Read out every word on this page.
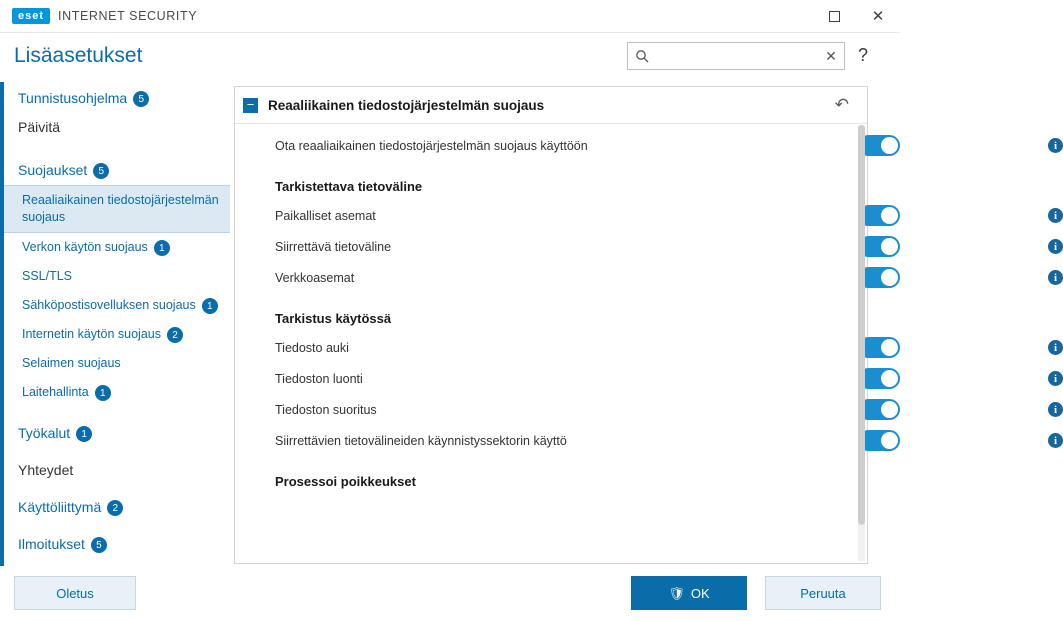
eset	INTERNET SECURITY	✕
Lisäasetukset	✕ ?
Tunnistusohjelma	5
Päivitä
Suojaukset	5
Reaaliaikainen tiedostojärjestelmän suojaus
Verkon käytön suojaus	1
SSL/TLS
Sähköpostisovelluksen suojaus	1
Internetin käytön suojaus	2
Selaimen suojaus
Laitehallinta	1
Työkalut	1
Yhteydet
Käyttöliittymä	2
Ilmoitukset	5
− Reaaliikainen tiedostojärjestelmän suojaus	↶
Ota reaaliaikainen tiedostojärjestelmän suojaus käyttöön	i
Tarkistettava tietoväline
Paikalliset asemat	i
Siirrettävä tietoväline	i
Verkkoasemat	i
Tarkistus käytössä
Tiedosto auki	i
Tiedoston luonti	i
Tiedoston suoritus	i
Siirrettävien tietovälineiden käynnistyssektorin käyttö	i
Prosessoi poikkeukset
Oletus	🛡 OK	Peruuta
